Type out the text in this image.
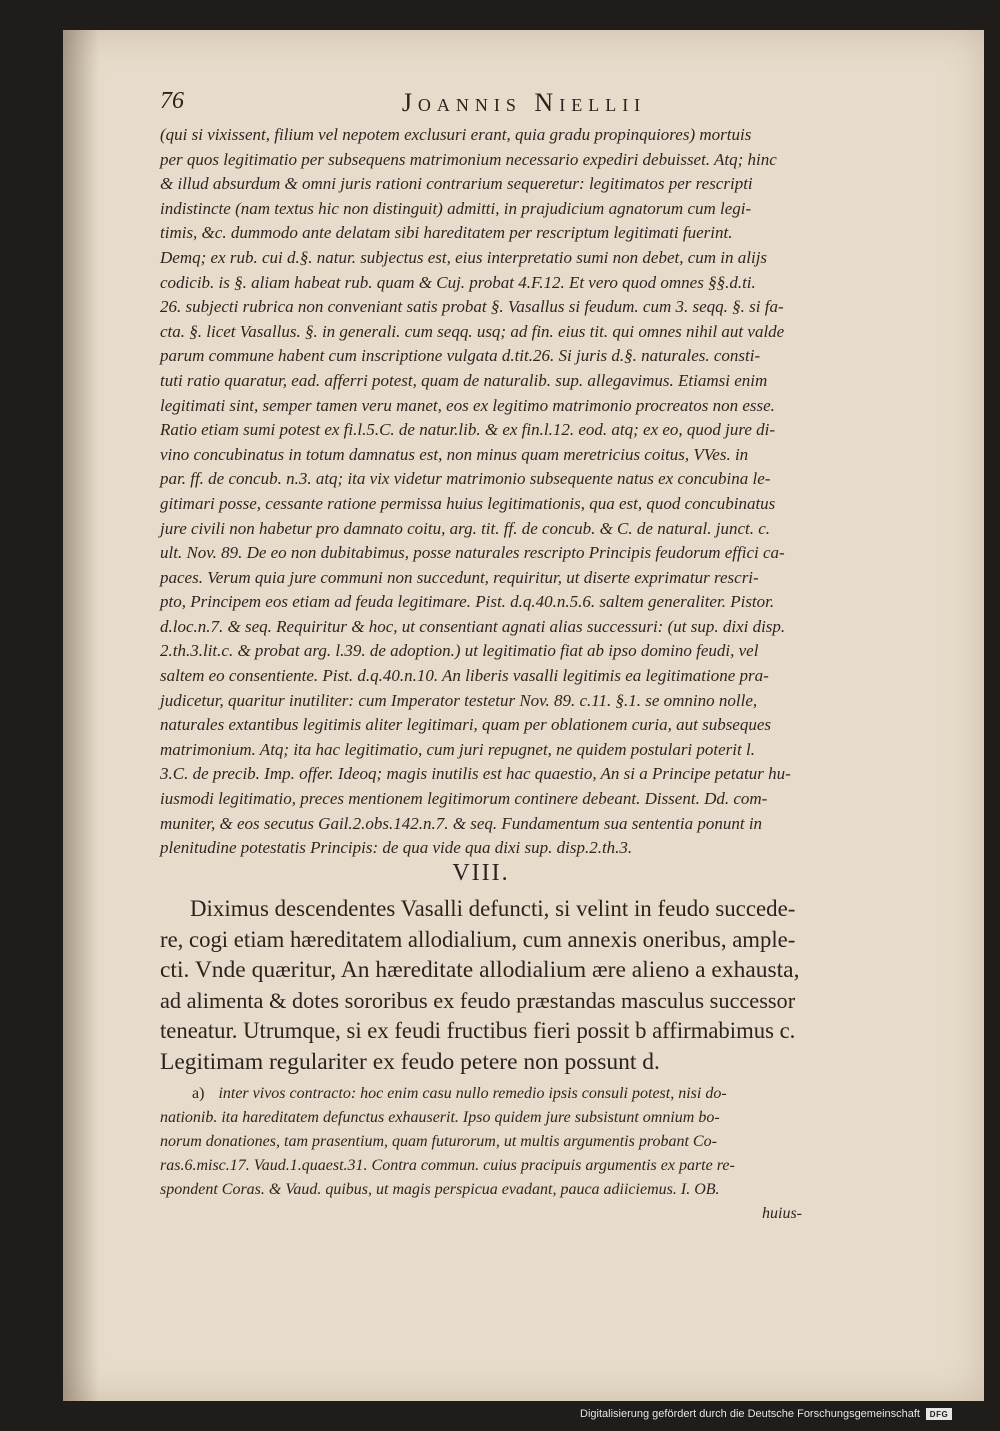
76	Joannis Niellii

(qui si vixissent, filium vel nepotem exclusuri erant, quia gradu propinquiores) mortuis

per quos legitimatio per subsequens matrimonium necessario expediri debuisset. Atq; hinc

& illud absurdum & omni juris rationi contrarium sequeretur: legitimatos per rescripti

indistincte (nam textus hic non distinguit) admitti, in prajudicium agnatorum cum legi-

timis, &c. dummodo ante delatam sibi hareditatem per rescriptum legitimati fuerint.

Demq; ex rub. cui d.§. natur. subjectus est, eius interpretatio sumi non debet, cum in alijs

codicib. is §. aliam habeat rub. quam & Cuj. probat 4.F.12. Et vero quod omnes §§.d.ti.

26. subjecti rubrica non conveniant satis probat §. Vasallus si feudum. cum 3. seqq. §. si fa-

cta. §. licet Vasallus. §. in generali. cum seqq. usq; ad fin. eius tit. qui omnes nihil aut valde

parum commune habent cum inscriptione vulgata d.tit.26. Si juris d.§. naturales. consti-

tuti ratio quaratur, ead. afferri potest, quam de naturalib. sup. allegavimus. Etiamsi enim

legitimati sint, semper tamen veru manet, eos ex legitimo matrimonio procreatos non esse.

Ratio etiam sumi potest ex fi.l.5.C. de natur.lib. & ex fin.l.12. eod. atq; ex eo, quod jure di-

vino concubinatus in totum damnatus est, non minus quam meretricius coitus, VVes. in

par. ff. de concub. n.3. atq; ita vix videtur matrimonio subsequente natus ex concubina le-

gitimari posse, cessante ratione permissa huius legitimationis, qua est, quod concubinatus

jure civili non habetur pro damnato coitu, arg. tit. ff. de concub. & C. de natural. junct. c.

ult. Nov. 89. De eo non dubitabimus, posse naturales rescripto Principis feudorum effici ca-

paces. Verum quia jure communi non succedunt, requiritur, ut diserte exprimatur rescri-

pto, Principem eos etiam ad feuda legitimare. Pist. d.q.40.n.5.6. saltem generaliter. Pistor.

d.loc.n.7. & seq. Requiritur & hoc, ut consentiant agnati alias successuri: (ut sup. dixi disp.

2.th.3.lit.c. & probat arg. l.39. de adoption.) ut legitimatio fiat ab ipso domino feudi, vel

saltem eo consentiente. Pist. d.q.40.n.10. An liberis vasalli legitimis ea legitimatione pra-

judicetur, quaritur inutiliter: cum Imperator testetur Nov. 89. c.11. §.1. se omnino nolle,

naturales extantibus legitimis aliter legitimari, quam per oblationem curia, aut subseques

matrimonium. Atq; ita hac legitimatio, cum juri repugnet, ne quidem postulari poterit l.

3.C. de precib. Imp. offer. Ideoq; magis inutilis est hac quaestio, An si a Principe petatur hu-

iusmodi legitimatio, preces mentionem legitimorum continere debeant. Dissent. Dd. com-

muniter, & eos secutus Gail.2.obs.142.n.7. & seq. Fundamentum sua sententia ponunt in

plenitudine potestatis Principis: de qua vide qua dixi sup. disp.2.th.3.

VIII.

Diximus descendentes Vasalli defuncti, si velint in feudo succede-

re, cogi etiam hæreditatem allodialium, cum annexis oneribus, ample-

cti. Vnde quæritur, An hæreditate allodialium ære alieno a exhausta,

ad alimenta & dotes sororibus ex feudo præstandas masculus successor

teneatur. Utrumque, si ex feudi fructibus fieri possit b affirmabimus c.

Legitimam regulariter ex feudo petere non possunt d.

a) inter vivos contracto: hoc enim casu nullo remedio ipsis consuli potest, nisi do-

nationib. ita hareditatem defunctus exhauserit. Ipso quidem jure subsistunt omnium bo-

norum donationes, tam prasentium, quam futurorum, ut multis argumentis probant Co-

ras.6.misc.17. Vaud.1.quaest.31. Contra commun. cuius pracipuis argumentis ex parte re-

spondent Coras. & Vaud. quibus, ut magis perspicua evadant, pauca adiiciemus. I. OB.

huius-

Digitalisierung gefördert durch die Deutsche Forschungsgemeinschaft	DFG
